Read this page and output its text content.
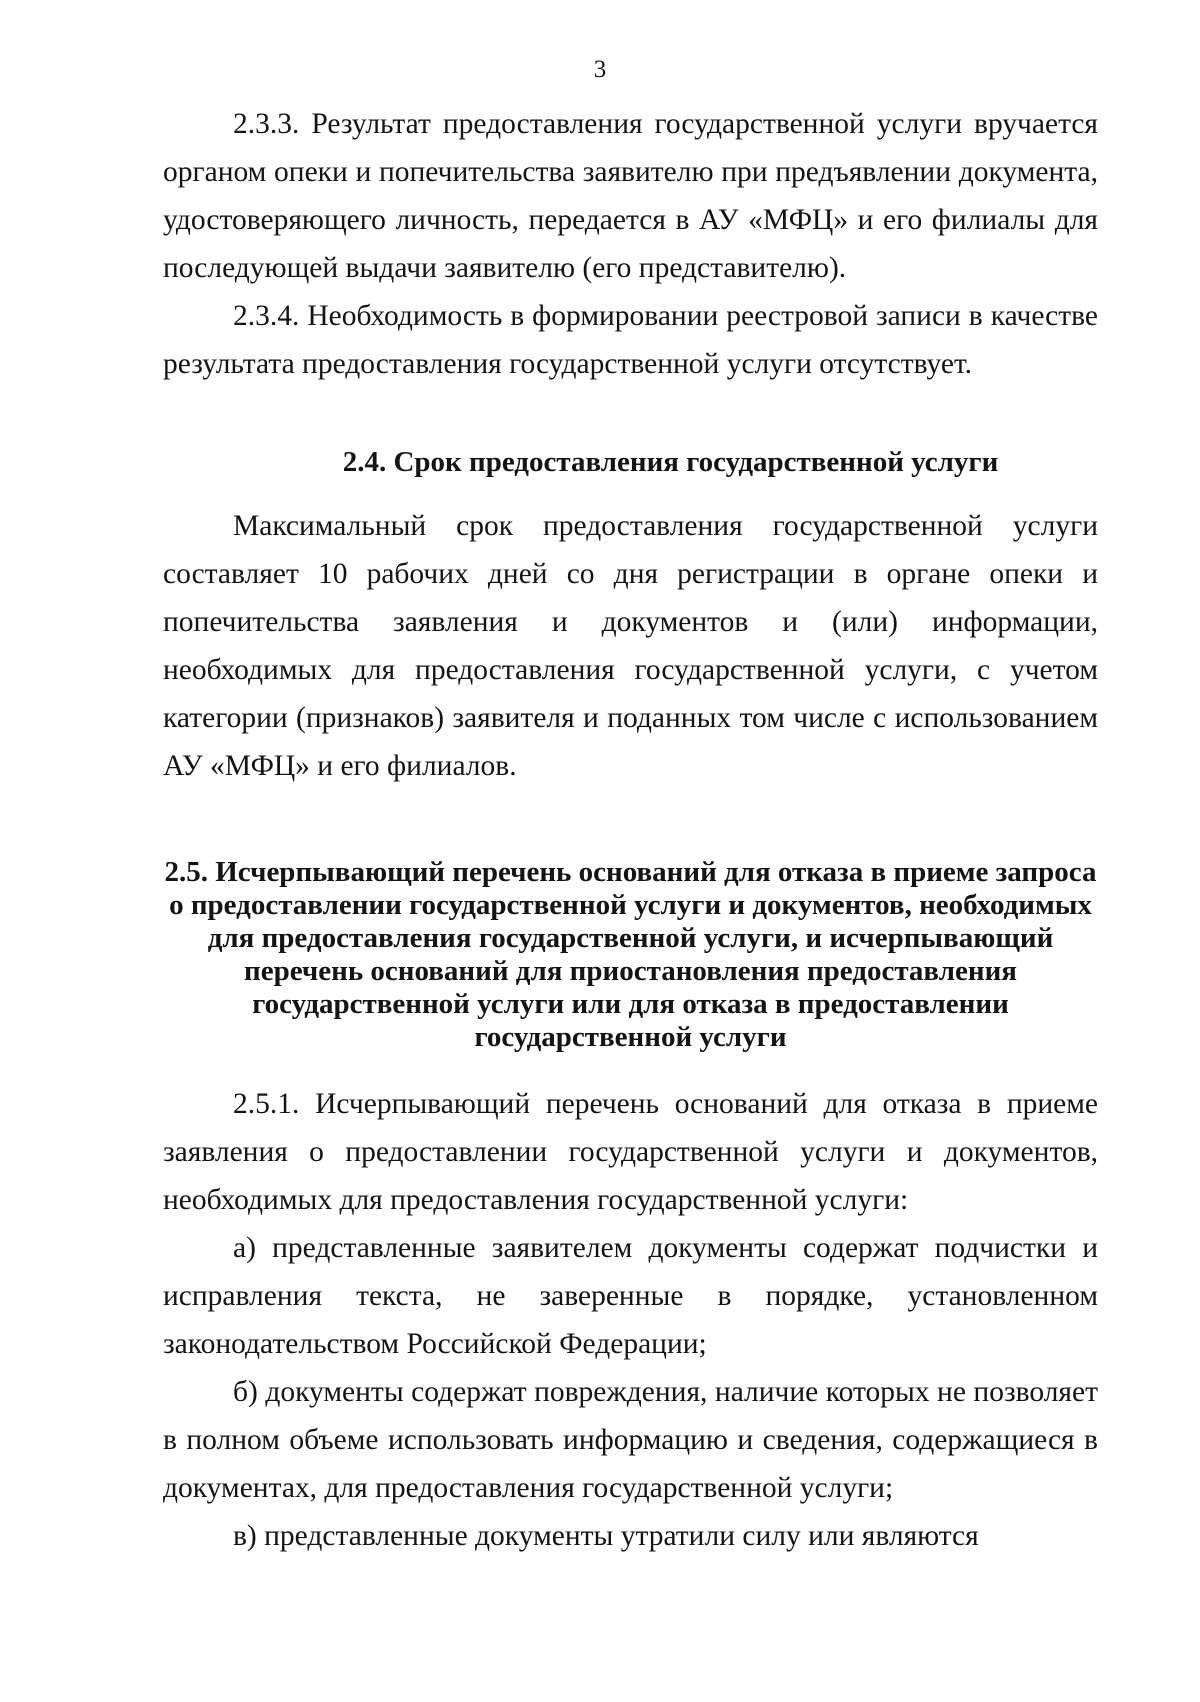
3

2.3.3. Результат предоставления государственной услуги вручается органом опеки и попечительства заявителю при предъявлении документа, удостоверяющего личность, передается в АУ «МФЦ» и его филиалы для последующей выдачи заявителю (его представителю).

2.3.4. Необходимость в формировании реестровой записи в качестве результата предоставления государственной услуги отсутствует.

2.4. Срок предоставления государственной услуги

Максимальный срок предоставления государственной услуги составляет 10 рабочих дней со дня регистрации в органе опеки и попечительства заявления и документов и (или) информации, необходимых для предоставления государственной услуги, с учетом категории (признаков) заявителя и поданных том числе с использованием АУ «МФЦ» и его филиалов.

2.5. Исчерпывающий перечень оснований для отказа в приеме запроса о предоставлении государственной услуги и документов, необходимых для предоставления государственной услуги, и исчерпывающий перечень оснований для приостановления предоставления государственной услуги или для отказа в предоставлении государственной услуги

2.5.1. Исчерпывающий перечень оснований для отказа в приеме заявления о предоставлении государственной услуги и документов, необходимых для предоставления государственной услуги:

а) представленные заявителем документы содержат подчистки и исправления текста, не заверенные в порядке, установленном законодательством Российской Федерации;

б) документы содержат повреждения, наличие которых не позволяет в полном объеме использовать информацию и сведения, содержащиеся в документах, для предоставления государственной услуги;

в) представленные документы утратили силу или являются
